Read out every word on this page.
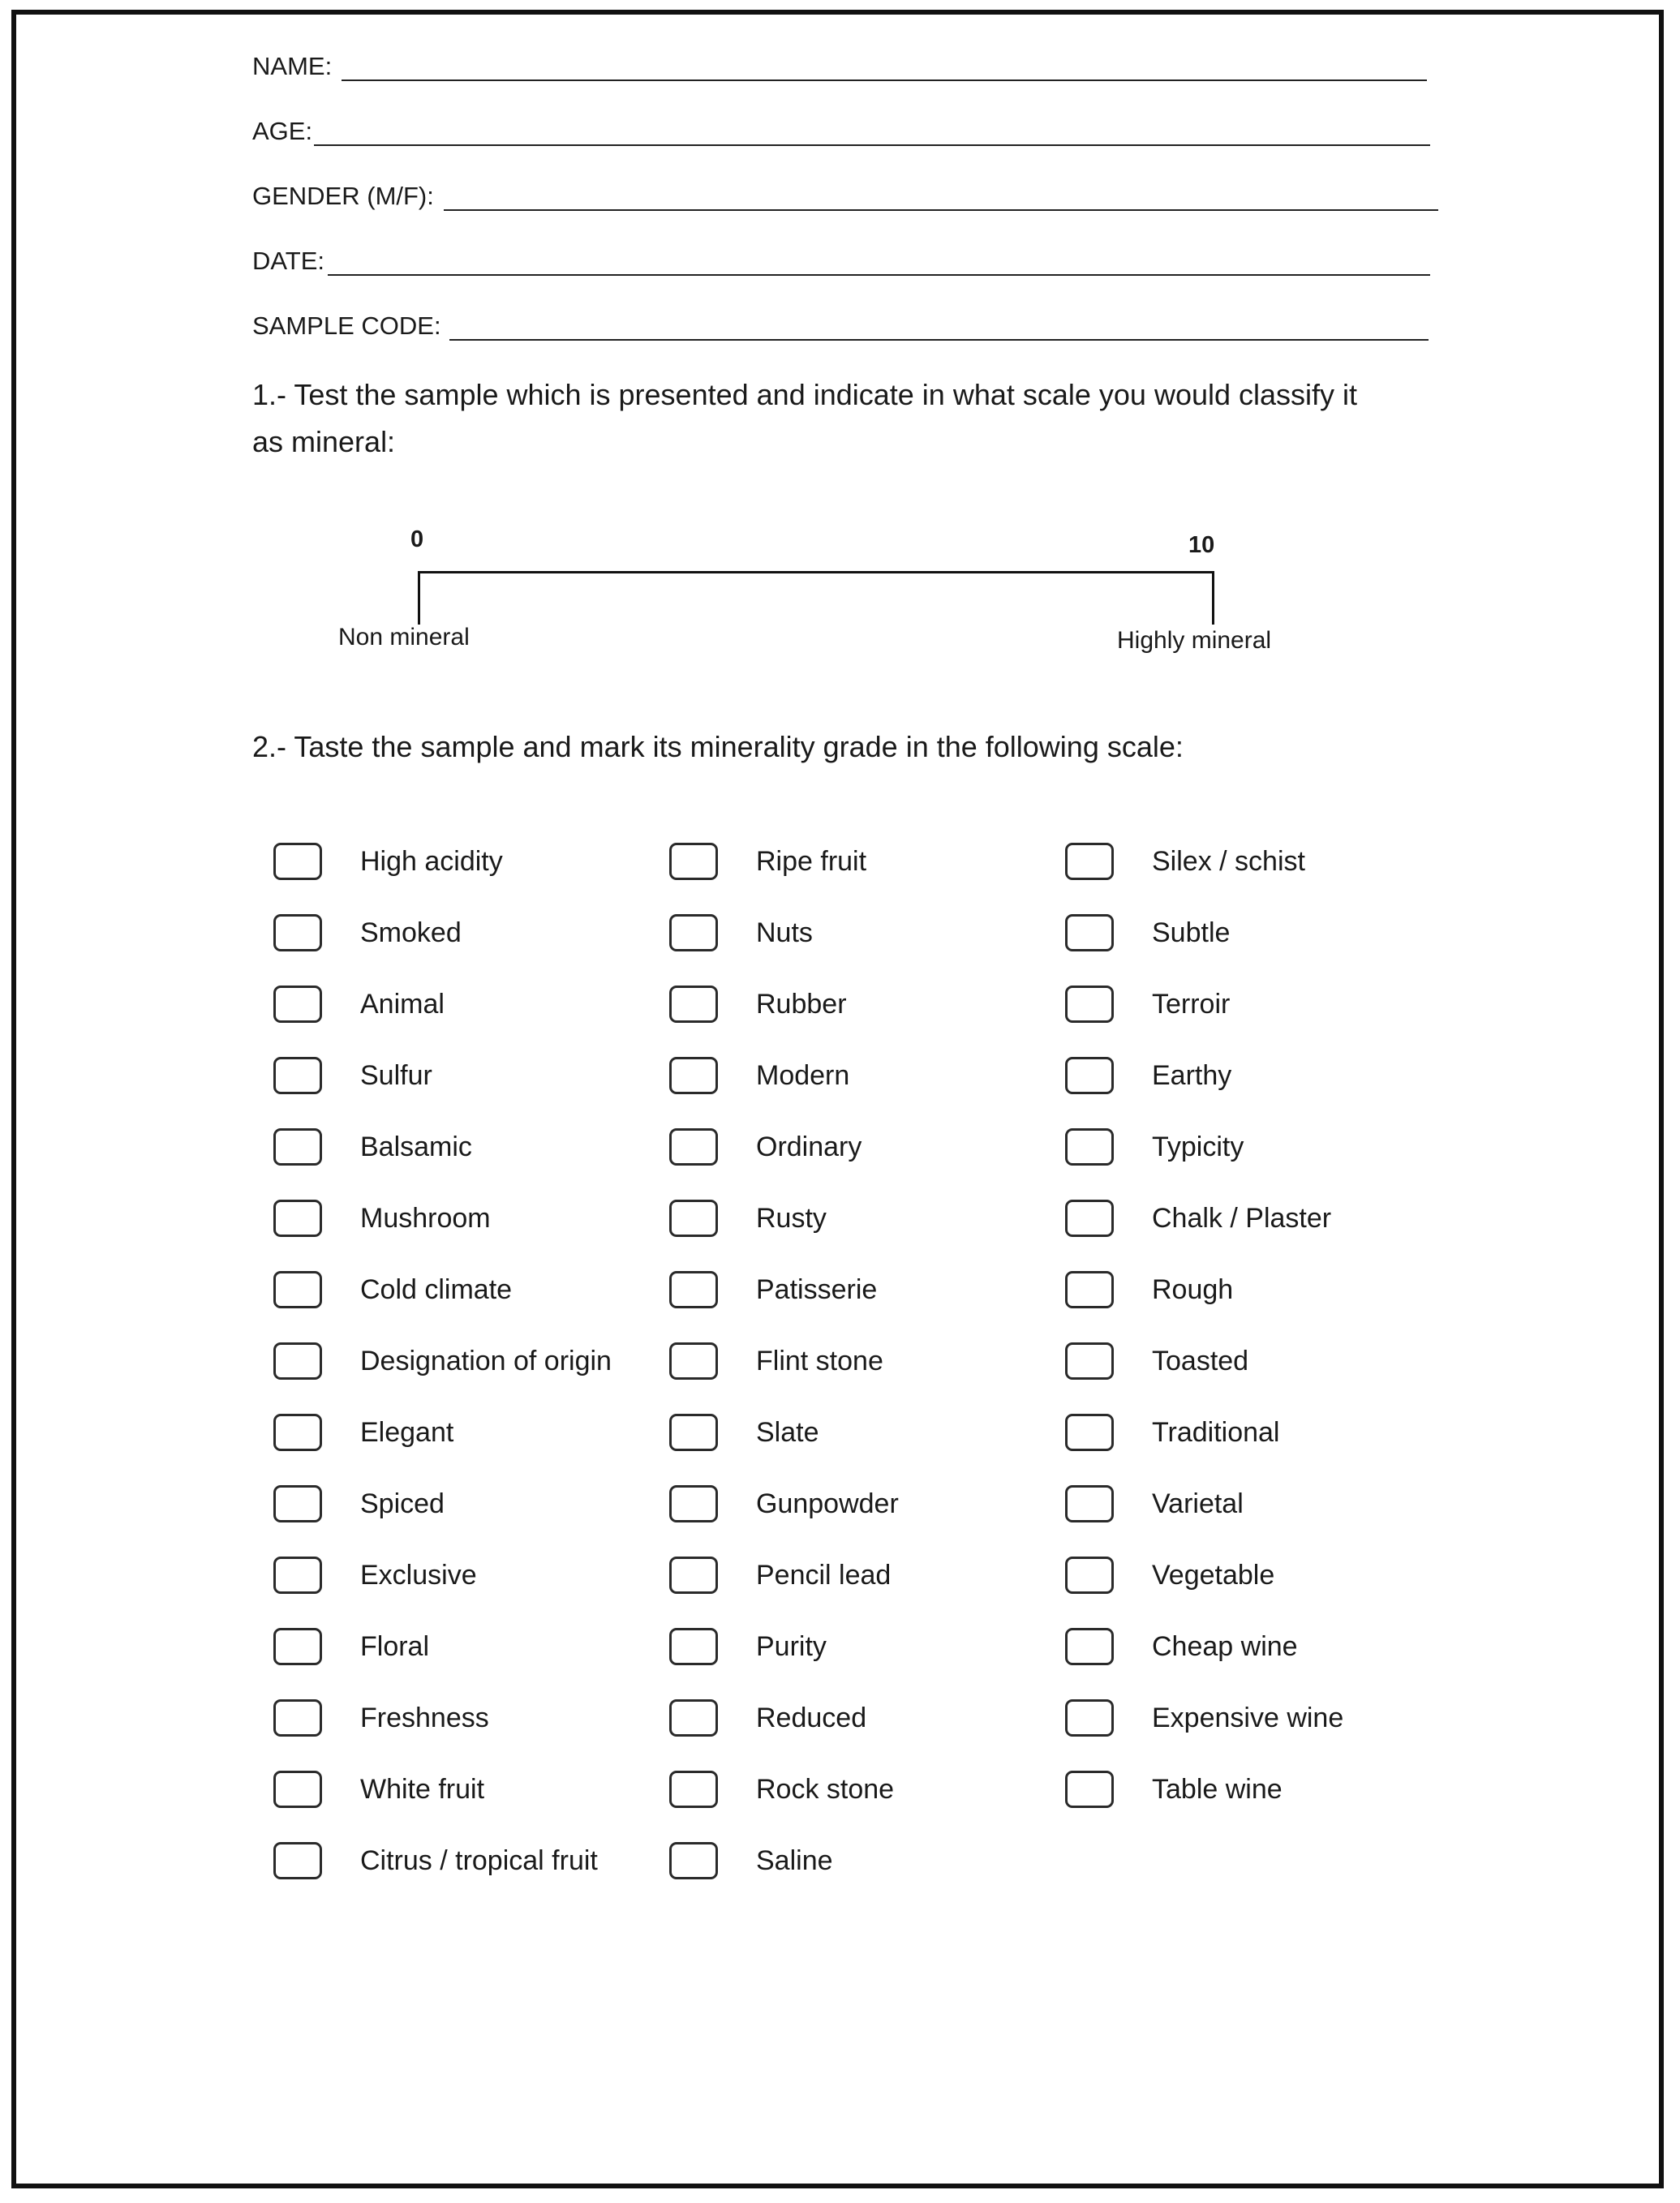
NAME:
AGE:
GENDER (M/F):
DATE:
SAMPLE CODE:
1.- Test the sample which is presented and indicate in what scale you would classify it
as mineral:
0	10
Non mineral	Highly mineral
2.- Taste the sample and mark its minerality grade in the following scale:
High acidity
Smoked
Animal
Sulfur
Balsamic
Mushroom
Cold climate
Designation of origin
Elegant
Spiced
Exclusive
Floral
Freshness
White fruit
Citrus / tropical fruit
Ripe fruit
Nuts
Rubber
Modern
Ordinary
Rusty
Patisserie
Flint stone
Slate
Gunpowder
Pencil lead
Purity
Reduced
Rock stone
Saline
Silex / schist
Subtle
Terroir
Earthy
Typicity
Chalk / Plaster
Rough
Toasted
Traditional
Varietal
Vegetable
Cheap wine
Expensive wine
Table wine
